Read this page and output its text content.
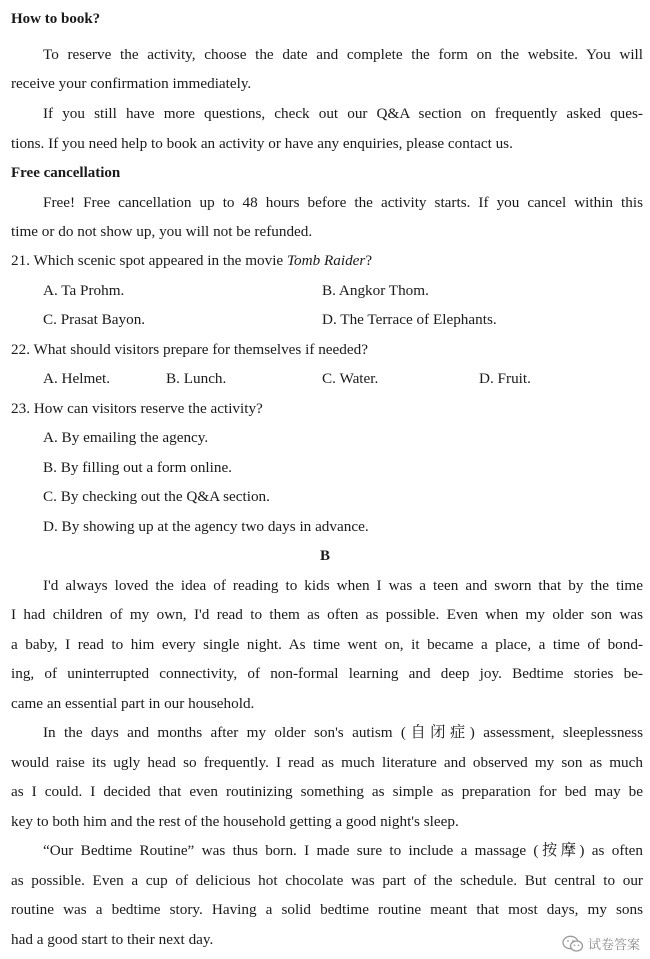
How to book?
To reserve the activity, choose the date and complete the form on the website. You will
receive your confirmation immediately.
If you still have more questions, check out our Q&A section on frequently asked ques-
tions. If you need help to book an activity or have any enquiries, please contact us.
Free cancellation
Free! Free cancellation up to 48 hours before the activity starts. If you cancel within this
time or do not show up, you will not be refunded.
21. Which scenic spot appeared in the movie Tomb Raider?
A. Ta Prohm.	B. Angkor Thom.
C. Prasat Bayon.	D. The Terrace of Elephants.
22. What should visitors prepare for themselves if needed?
A. Helmet.	B. Lunch.	C. Water.	D. Fruit.
23. How can visitors reserve the activity?
A. By emailing the agency.
B. By filling out a form online.
C. By checking out the Q&A section.
D. By showing up at the agency two days in advance.
B
I'd always loved the idea of reading to kids when I was a teen and sworn that by the time
I had children of my own, I'd read to them as often as possible. Even when my older son was
a baby, I read to him every single night. As time went on, it became a place, a time of bond-
ing, of uninterrupted connectivity, of non-formal learning and deep joy. Bedtime stories be-
came an essential part in our household.
In the days and months after my older son's autism (自闭症) assessment, sleeplessness
would raise its ugly head so frequently. I read as much literature and observed my son as much
as I could. I decided that even routinizing something as simple as preparation for bed may be
key to both him and the rest of the household getting a good night's sleep.
“Our Bedtime Routine” was thus born. I made sure to include a massage (按摩) as often
as possible. Even a cup of delicious hot chocolate was part of the schedule. But central to our
routine was a bedtime story. Having a solid bedtime routine meant that most days, my sons
had a good start to their next day.	试卷答案
